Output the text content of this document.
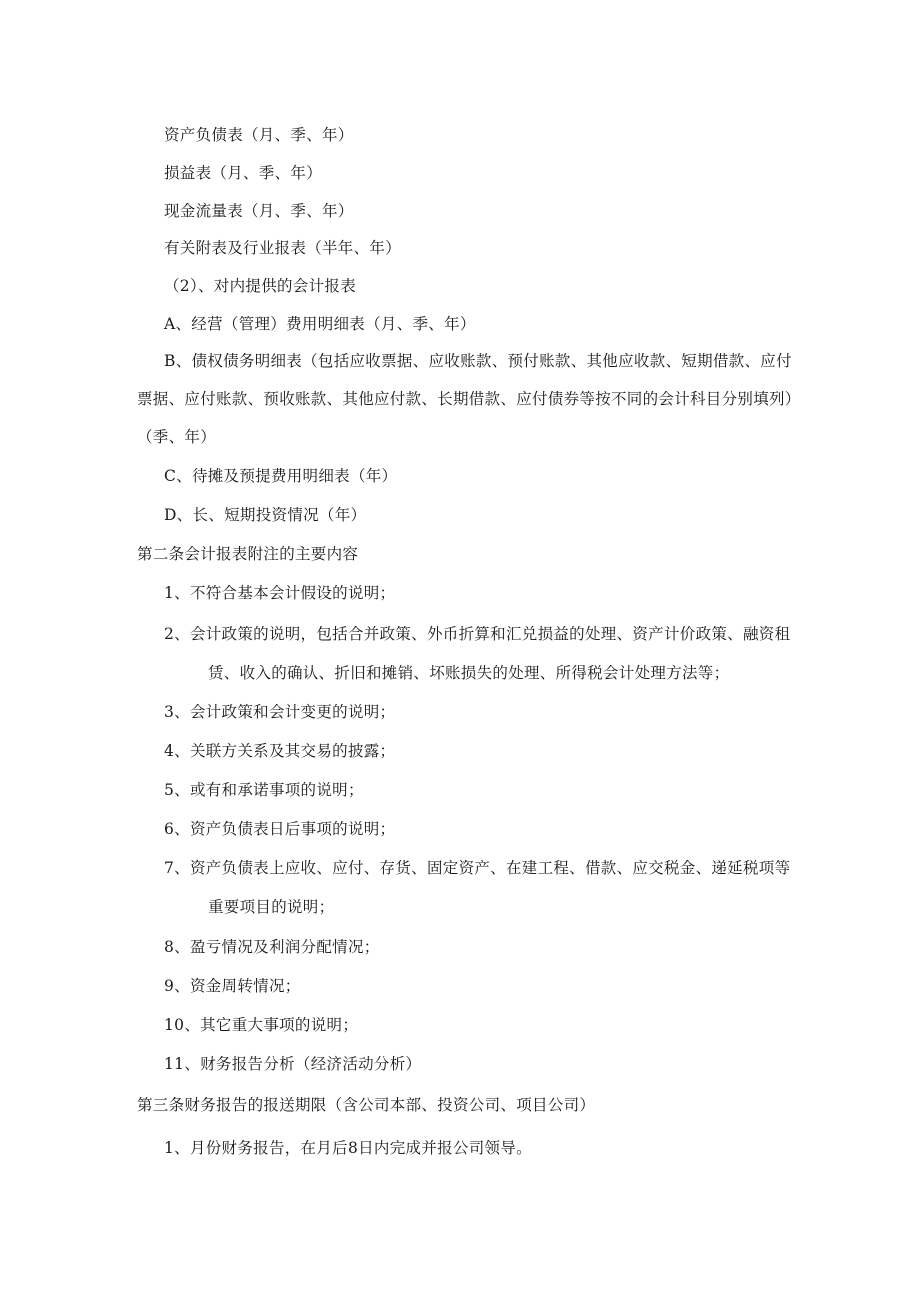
资产负债表（月、季、年）
损益表（月、季、年）
现金流量表（月、季、年）
有关附表及行业报表（半年、年）
（2）、对内提供的会计报表
A、经营（管理）费用明细表（月、季、年）
B、债权债务明细表（包括应收票据、应收账款、预付账款、其他应收款、短期借款、应付
票据、应付账款、预收账款、其他应付款、长期借款、应付债券等按不同的会计科目分别填列）
（季、年）
C、待摊及预提费用明细表（年）
D、长、短期投资情况（年）
第二条会计报表附注的主要内容
1、不符合基本会计假设的说明；
2、会计政策的说明，包括合并政策、外币折算和汇兑损益的处理、资产计价政策、融资租
赁、收入的确认、折旧和摊销、坏账损失的处理、所得税会计处理方法等；
3、会计政策和会计变更的说明；
4、关联方关系及其交易的披露；
5、或有和承诺事项的说明；
6、资产负债表日后事项的说明；
7、资产负债表上应收、应付、存货、固定资产、在建工程、借款、应交税金、递延税项等
重要项目的说明；
8、盈亏情况及利润分配情况；
9、资金周转情况；
10、其它重大事项的说明；
11、财务报告分析（经济活动分析）
第三条财务报告的报送期限（含公司本部、投资公司、项目公司）
1、月份财务报告，在月后8日内完成并报公司领导。
